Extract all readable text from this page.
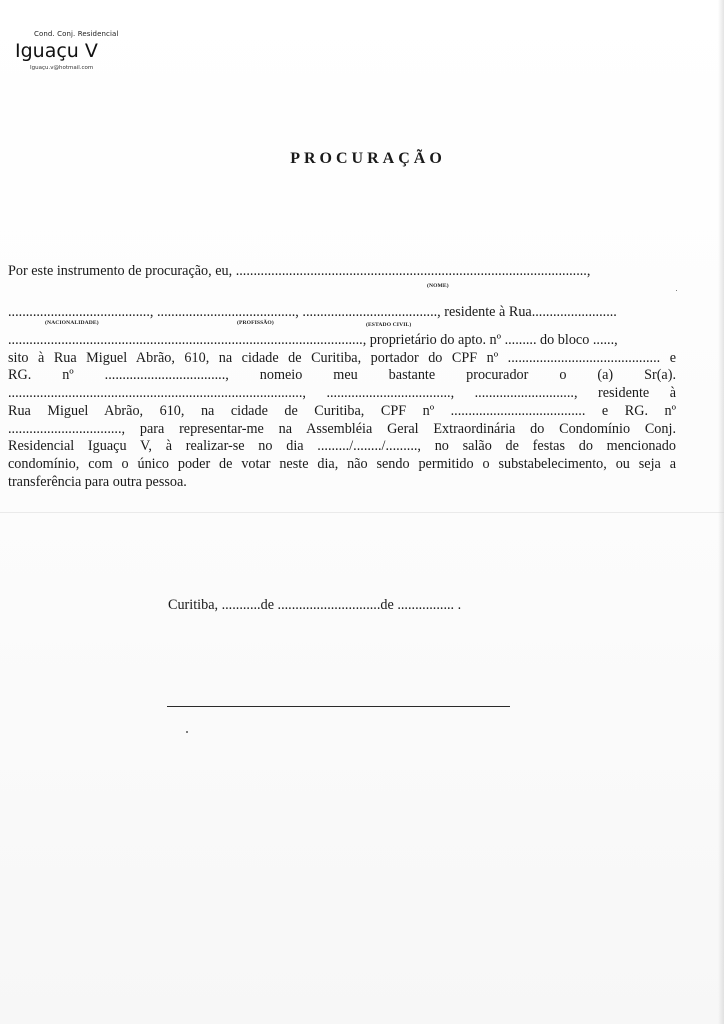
Cond. Conj. Residencial
Iguaçu V
Iguaçu.v@hotmail.com
PROCURAÇÃO
Por este instrumento de procuração, eu, ...................................................................................................,
(NOME)
........................................, ......................................., ......................................, residente à Rua........................
(NACIONALIDADE)	(PROFISSÃO)	(ESTADO CIVIL)
...................................................................................................., proprietário do apto. nº ......... do bloco ......,
sito à Rua Miguel Abrão, 610, na cidade de Curitiba, portador do CPF nº ........................................... e
RG. nº .................................., nomeio meu bastante procurador o (a) Sr(a).
..................................................................................., ..................................., ............................, residente à
Rua Miguel Abrão, 610, na cidade de Curitiba, CPF nº ...................................... e RG. nº
................................, para representar-me na Assembléia Geral Extraordinária do Condomínio Conj.
Residencial Iguaçu V, à realizar-se no dia ........./......../........., no salão de festas do mencionado
condomínio, com o único poder de votar neste dia, não sendo permitido o substabelecimento, ou seja a
transferência para outra pessoa.
Curitiba, ...........de .............................de ................ .
